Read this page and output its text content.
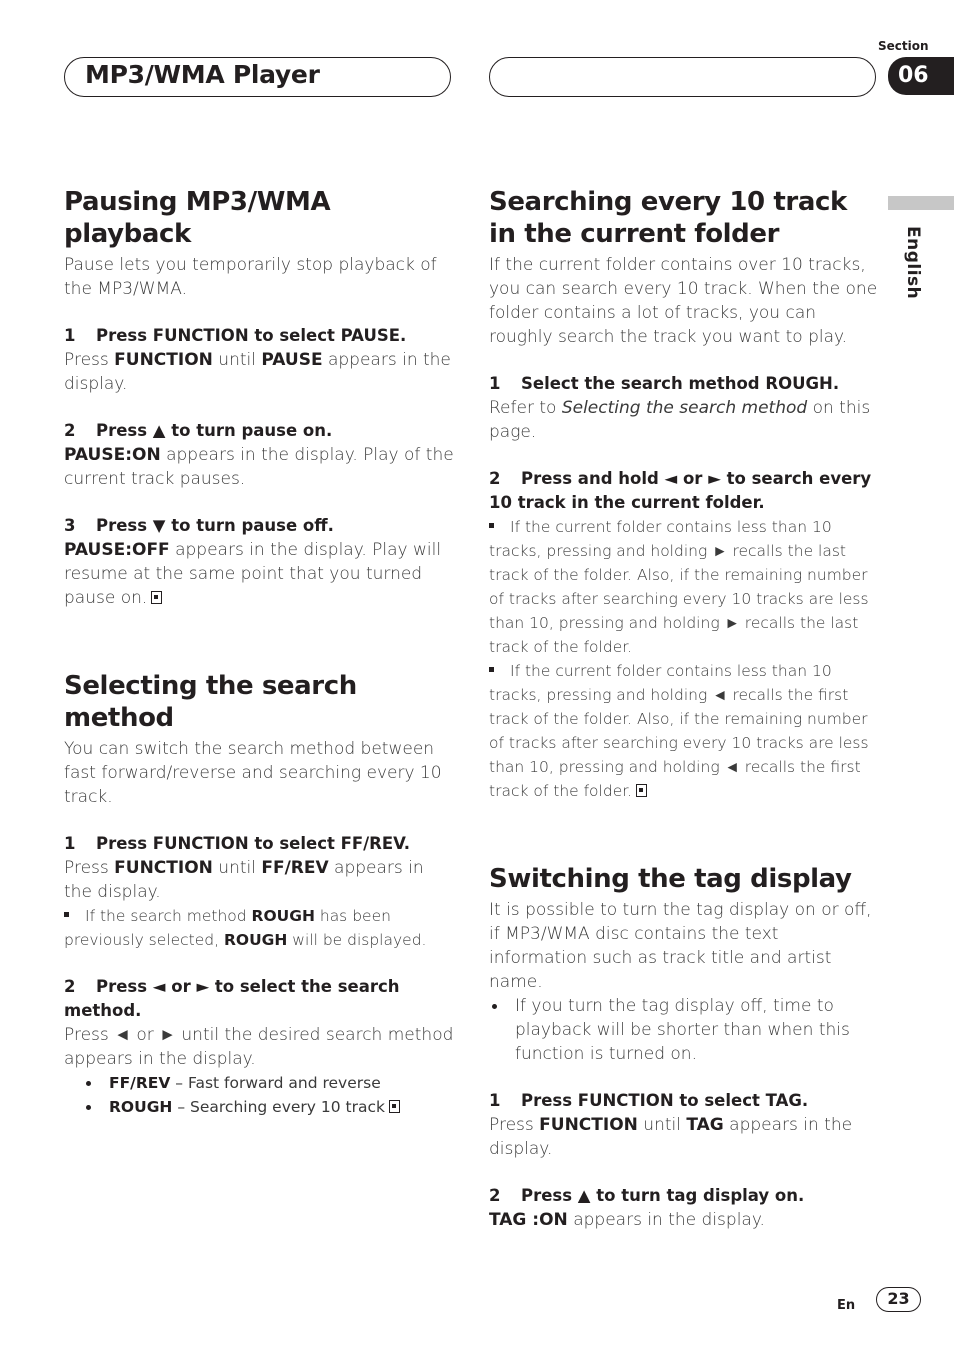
MP3/WMA Player
Section
06
English
Pausing MP3/WMA playback

Pause lets you temporarily stop playback of the MP3/WMA.

1 Press FUNCTION to select PAUSE.

Press FUNCTION until PAUSE appears in the display.

2 Press ▲ to turn pause on.

PAUSE:ON appears in the display. Play of the current track pauses.

3 Press ▼ to turn pause off.

PAUSE:OFF appears in the display. Play will resume at the same point that you turned pause on.

Selecting the search method

You can switch the search method between fast forward/reverse and searching every 10 track.

1 Press FUNCTION to select FF/REV.

Press FUNCTION until FF/REV appears in the display.

If the search method ROUGH has been previously selected, ROUGH will be displayed.

2 Press ◄ or ► to select the search method.

Press ◄ or ► until the desired search method appears in the display.

FF/REV – Fast forward and reverse
ROUGH – Searching every 10 track
Searching every 10 track in the current folder

If the current folder contains over 10 tracks, you can search every 10 track. When the one folder contains a lot of tracks, you can roughly search the track you want to play.

1 Select the search method ROUGH.

Refer to Selecting the search method on this page.

2 Press and hold ◄ or ► to search every 10 track in the current folder.

If the current folder contains less than 10 tracks, pressing and holding ► recalls the last track of the folder. Also, if the remaining number of tracks after searching every 10 tracks are less than 10, pressing and holding ► recalls the last track of the folder.

If the current folder contains less than 10 tracks, pressing and holding ◄ recalls the first track of the folder. Also, if the remaining number of tracks after searching every 10 tracks are less than 10, pressing and holding ◄ recalls the first track of the folder.

Switching the tag display

It is possible to turn the tag display on or off, if MP3/WMA disc contains the text information such as track title and artist name.

If you turn the tag display off, time to playback will be shorter than when this function is turned on.
1 Press FUNCTION to select TAG.

Press FUNCTION until TAG appears in the display.

2 Press ▲ to turn tag display on.

TAG :ON appears in the display.

En	23
